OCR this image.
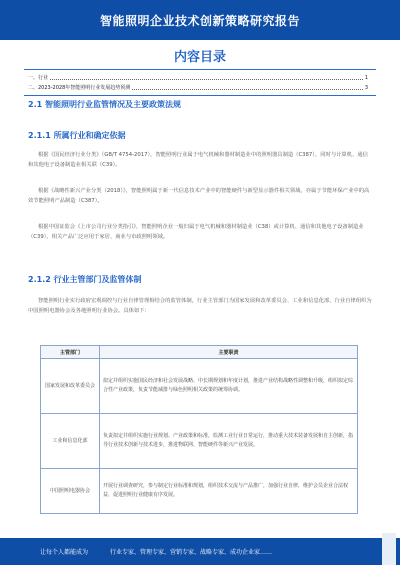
智能照明企业技术创新策略研究报告
内容目录
一、行业	1
二、2023-2028年智能照明行业发展趋势预测	3
2.1 智能照明行业监管情况及主要政策法规
2.1.1 所属行业和确定依据
根据《国民经济行业分类》（GB/T 4754-2017），智能照明行业属于电气机械和器材制造业中的照明器具制造（C387），同时与计算机、通信和其他电子设备制造业相关联（C39）。
根据《战略性新兴产业分类（2018）》，智能照明属于新一代信息技术产业中的智能硬件与新型显示器件相关领域，亦属于节能环保产业中的高效节能照明产品制造（C387）。
根据中国证监会《上市公司行业分类指引》，智能照明企业一般归属于电气机械和器材制造业（C38）或计算机、通信和其他电子设备制造业（C39），相关产品广泛应用于家居、商业与市政照明领域。
2.1.2 行业主管部门及监管体制
智能照明行业实行政府宏观调控与行业自律管理相结合的监管体制，行业主管部门为国家发展和改革委员会、工业和信息化部，行业自律组织为中国照明电器协会及各地照明行业协会。具体如下：
主管部门	主要职责
国家发展和改革委员会	拟定并组织实施国民经济和社会发展战略、中长期规划和年度计划，推进产业结构战略性调整和升级，组织拟定综合性产业政策，负责节能减排与绿色照明相关政策的统筹协调。
工业和信息化部	负责拟定并组织实施行业规划、产业政策和标准，监测工业行业日常运行，推动重大技术装备发展和自主创新，指导行业技术创新与技术进步，推进物联网、智能硬件等新兴产业发展。
中国照明电器协会	开展行业调查研究，参与制定行业标准和规划，组织技术交流与产品推广，加强行业自律，维护会员企业合法权益，促进照明行业健康有序发展。
让每个人都能成为	行业专家、管理专家、营销专家、战略专家、成功企业家……
